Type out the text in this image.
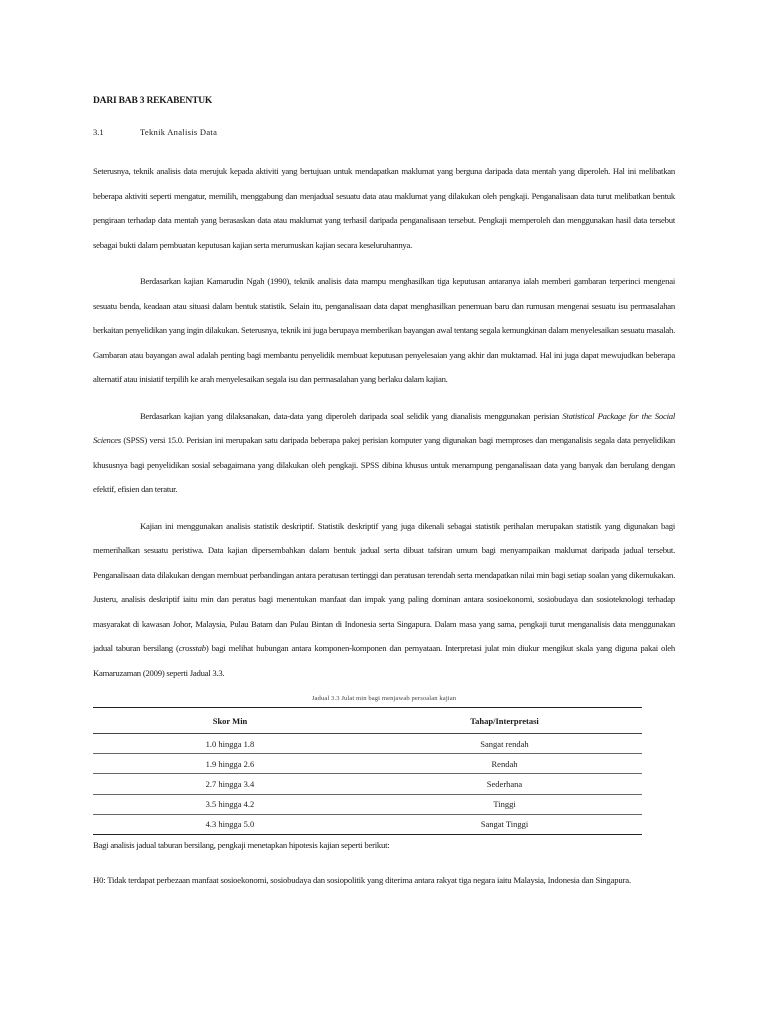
DARI BAB 3 REKABENTUK
3.1	Teknik Analisis Data

Seterusnya, teknik analisis data merujuk kepada aktiviti yang bertujuan untuk mendapatkan maklumat yang berguna daripada data mentah yang diperoleh. Hal ini melibatkan beberapa aktiviti seperti mengatur, memilih, menggabung dan menjadual sesuatu data atau maklumat yang dilakukan oleh pengkaji. Penganalisaan data turut melibatkan bentuk pengiraan terhadap data mentah yang berasaskan data atau maklumat yang terhasil daripada penganalisaan tersebut. Pengkaji memperoleh dan menggunakan hasil data tersebut sebagai bukti dalam pembuatan keputusan kajian serta merumuskan kajian secara keseluruhannya.

Berdasarkan kajian Kamarudin Ngah (1990), teknik analisis data mampu menghasilkan tiga keputusan antaranya ialah memberi gambaran terperinci mengenai sesuatu benda, keadaan atau situasi dalam bentuk statistik. Selain itu, penganalisaan data dapat menghasilkan penemuan baru dan rumusan mengenai sesuatu isu permasalahan berkaitan penyelidikan yang ingin dilakukan. Seterusnya, teknik ini juga berupaya memberikan bayangan awal tentang segala kemungkinan dalam menyelesaikan sesuatu masalah. Gambaran atau bayangan awal adalah penting bagi membantu penyelidik membuat keputusan penyelesaian yang akhir dan muktamad. Hal ini juga dapat mewujudkan beberapa alternatif atau inisiatif terpilih ke arah menyelesaikan segala isu dan permasalahan yang berlaku dalam kajian.

Berdasarkan kajian yang dilaksanakan, data-data yang diperoleh daripada soal selidik yang dianalisis menggunakan perisian Statistical Package for the Social Sciences (SPSS) versi 15.0. Perisian ini merupakan satu daripada beberapa pakej perisian komputer yang digunakan bagi memproses dan menganalisis segala data penyelidikan khususnya bagi penyelidikan sosial sebagaimana yang dilakukan oleh pengkaji. SPSS dibina khusus untuk menampung penganalisaan data yang banyak dan berulang dengan efektif, efisien dan teratur.

Kajian ini menggunakan analisis statistik deskriptif. Statistik deskriptif yang juga dikenali sebagai statistik perihalan merupakan statistik yang digunakan bagi memerihalkan sesuatu peristiwa. Data kajian dipersembahkan dalam bentuk jadual serta dibuat tafsiran umum bagi menyampaikan maklumat daripada jadual tersebut. Penganalisaan data dilakukan dengan membuat perbandingan antara peratusan tertinggi dan peratusan terendah serta mendapatkan nilai min bagi setiap soalan yang dikemukakan. Justeru, analisis deskriptif iaitu min dan peratus bagi menentukan manfaat dan impak yang paling dominan antara sosioekonomi, sosiobudaya dan sosioteknologi terhadap masyarakat di kawasan Johor, Malaysia, Pulau Batam dan Pulau Bintan di Indonesia serta Singapura. Dalam masa yang sama, pengkaji turut menganalisis data menggunakan jadual taburan bersilang (crosstab) bagi melihat hubungan antara komponen-komponen dan pernyataan. Interpretasi julat min diukur mengikut skala yang diguna pakai oleh Kamaruzaman (2009) seperti Jadual 3.3.

Jadual 3.3 Julat min bagi menjawab persoalan kajian
Skor Min	Tahap/Interpretasi
1.0 hingga 1.8	Sangat rendah
1.9 hingga 2.6	Rendah
2.7 hingga 3.4	Sederhana
3.5 hingga 4.2	Tinggi
4.3 hingga 5.0	Sangat Tinggi

Bagi analisis jadual taburan bersilang, pengkaji menetapkan hipotesis kajian seperti berikut:

H0: Tidak terdapat perbezaan manfaat sosioekonomi, sosiobudaya dan sosiopolitik yang diterima antara rakyat tiga negara iaitu Malaysia, Indonesia dan Singapura.
